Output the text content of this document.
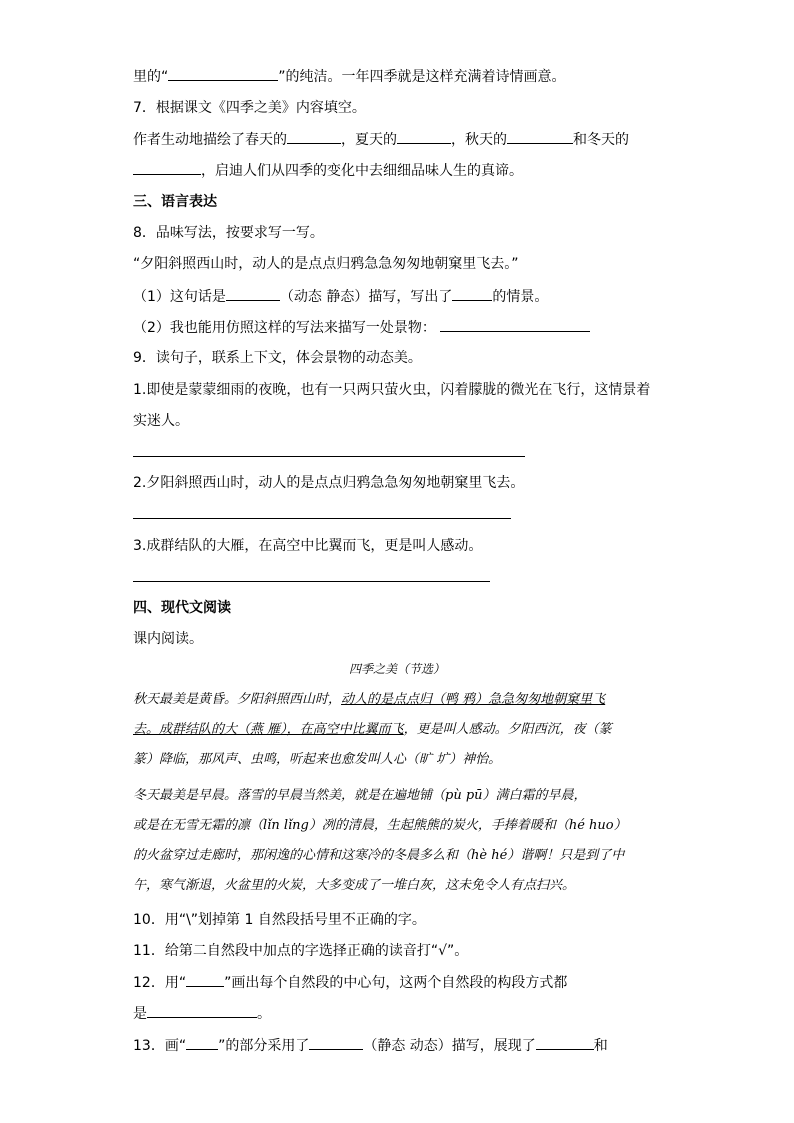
里的“	”的纯洁。一年四季就是这样充满着诗情画意。
7．根据课文《四季之美》内容填空。
作者生动地描绘了春天的	，夏天的	，秋天的	和冬天的
，启迪人们从四季的变化中去细细品味人生的真谛。
三、语言表达
8．品味写法，按要求写一写。
“夕阳斜照西山时，动人的是点点归鸦急急匆匆地朝窠里飞去。”
（1）这句话是	（动态 静态）描写，写出了	的情景。
（2）我也能用仿照这样的写法来描写一处景物：
9．读句子，联系上下文，体会景物的动态美。
1.即使是蒙蒙细雨的夜晚，也有一只两只萤火虫，闪着朦胧的微光在飞行，这情景着
实迷人。
2.夕阳斜照西山时，动人的是点点归鸦急急匆匆地朝窠里飞去。
3.成群结队的大雁，在高空中比翼而飞，更是叫人感动。
四、现代文阅读
课内阅读。
四季之美（节选）
秋天最美是黄昏。夕阳斜照西山时，动人的是点点归（鸭 鸦）急急匆匆地朝窠里飞
去。成群结队的大（燕 雁），在高空中比翼而飞，更是叫人感动。夕阳西沉，夜（篆
篆）降临，那风声、虫鸣，听起来也愈发叫人心（旷 圹）神怡。
冬天最美是早晨。落雪的早晨当然美，就是在遍地铺（pù pū）满白霜的早晨，
或是在无雪无霜的凛（lǐn lǐng）冽的清晨，生起熊熊的炭火，手捧着暖和（hé huo）
的火盆穿过走廊时，那闲逸的心情和这寒冷的冬晨多么和（hè hé）谐啊！只是到了中
午，寒气渐退，火盆里的火炭，大多变成了一堆白灰，这未免令人有点扫兴。
10．用“\”划掉第 1 自然段括号里不正确的字。
11．给第二自然段中加点的字选择正确的读音打“√”。
12．用“	”画出每个自然段的中心句，这两个自然段的构段方式都
是	。
13．画“ ”的部分采用了	（静态 动态）描写，展现了	和
